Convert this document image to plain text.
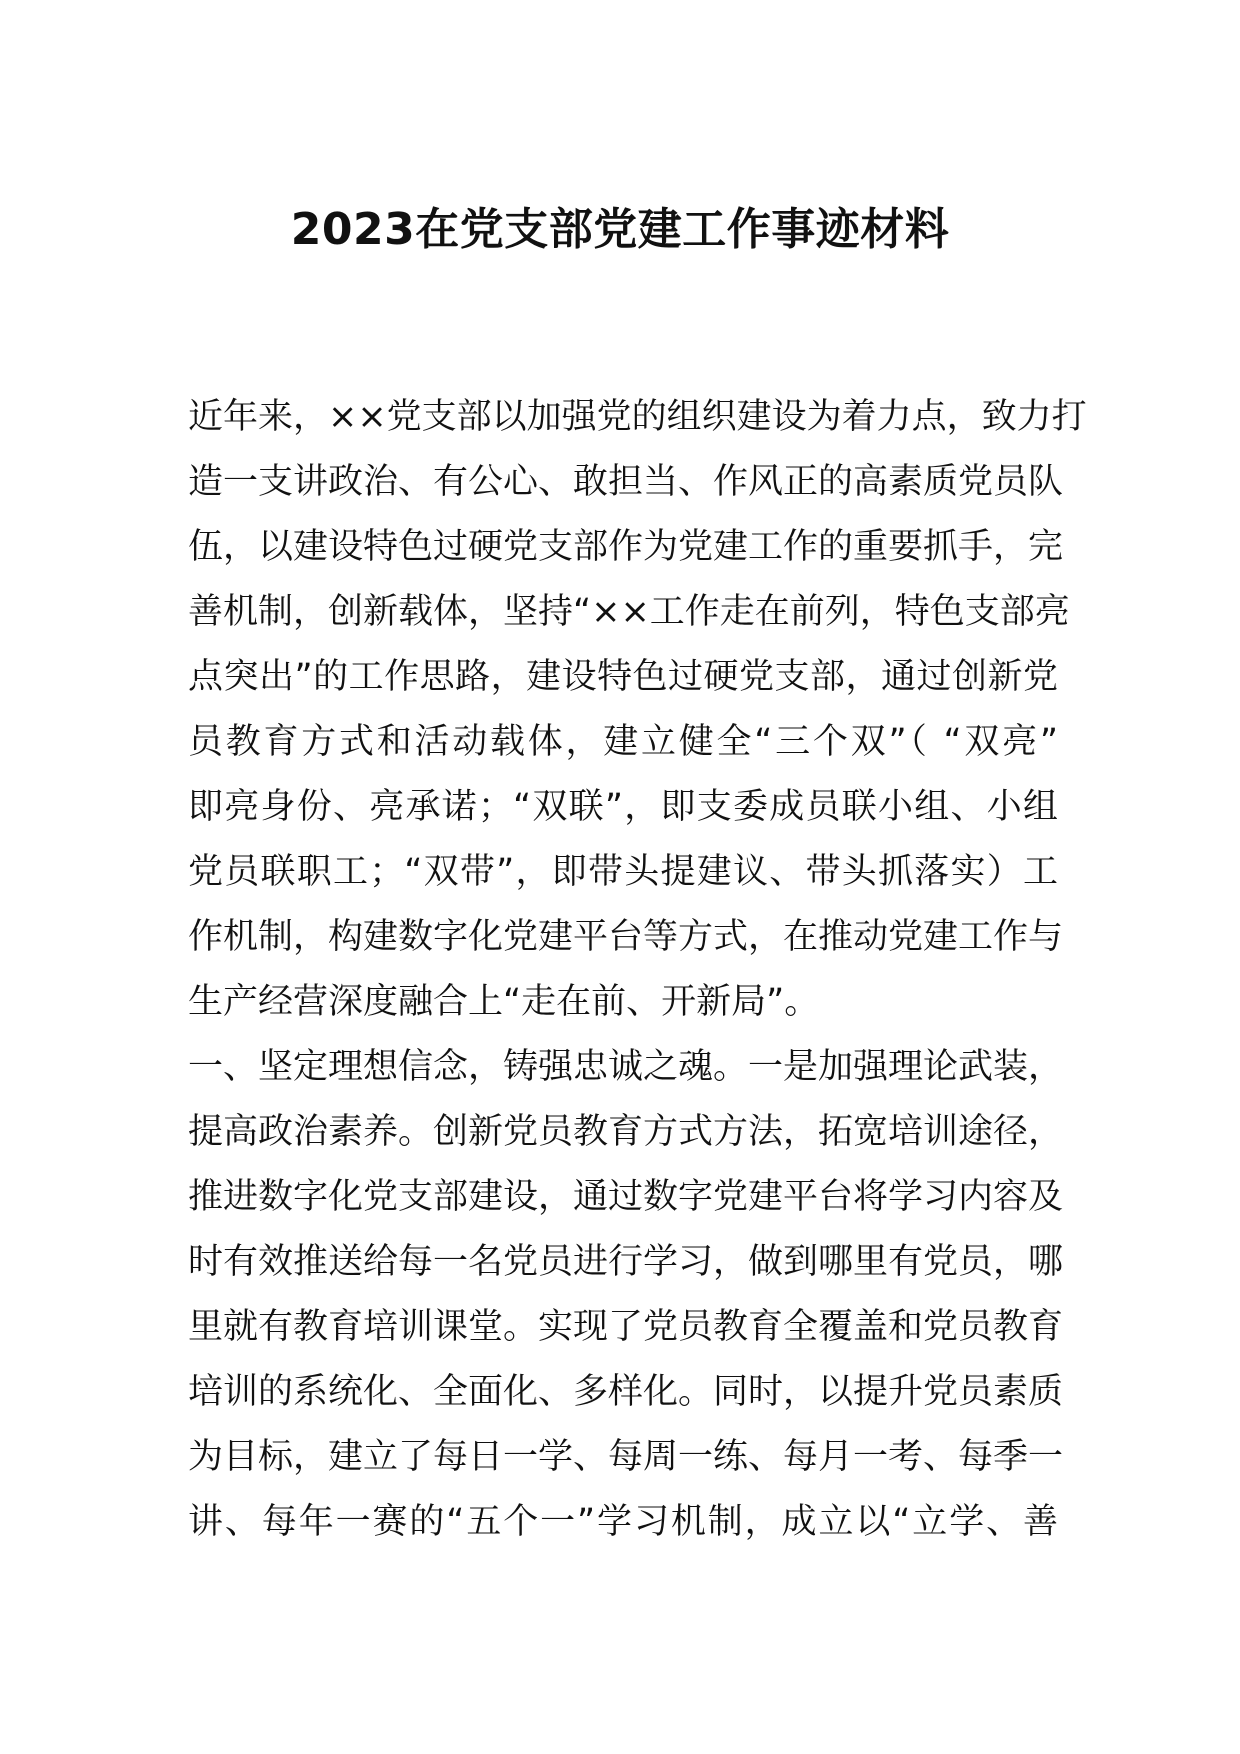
2023在党支部党建工作事迹材料
近年来，××党支部以加强党的组织建设为着力点，致力打
造一支讲政治、有公心、敢担当、作风正的高素质党员队
伍，以建设特色过硬党支部作为党建工作的重要抓手，完
善机制，创新载体，坚持“××工作走在前列，特色支部亮
点突出”的工作思路，建设特色过硬党支部，通过创新党
员教育方式和活动载体，建立健全“三个双”（ “双亮”
即亮身份、亮承诺；“双联”，即支委成员联小组、小组
党员联职工；“双带”，即带头提建议、带头抓落实）工
作机制，构建数字化党建平台等方式，在推动党建工作与
生产经营深度融合上“走在前、开新局”。
一、坚定理想信念，铸强忠诚之魂。一是加强理论武装，
提高政治素养。创新党员教育方式方法，拓宽培训途径，
推进数字化党支部建设，通过数字党建平台将学习内容及
时有效推送给每一名党员进行学习，做到哪里有党员，哪
里就有教育培训课堂。实现了党员教育全覆盖和党员教育
培训的系统化、全面化、多样化。同时，以提升党员素质
为目标，建立了每日一学、每周一练、每月一考、每季一
讲、每年一赛的“五个一”学习机制，成立以“立学、善
